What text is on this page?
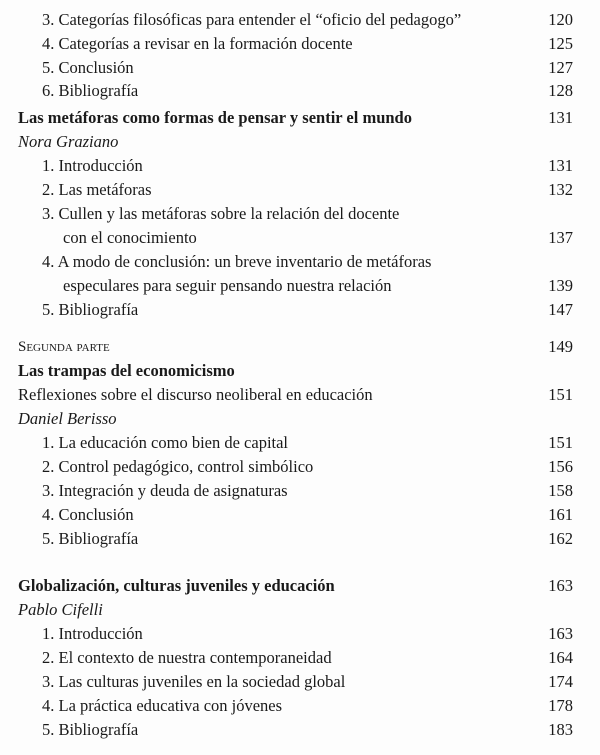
3. Categorías filosóficas para entender el “oficio del pedagogo”	120
4. Categorías a revisar en la formación docente	125
5. Conclusión	127
6. Bibliografía	128
Las metáforas como formas de pensar y sentir el mundo	131
Nora Graziano
1. Introducción	131
2. Las metáforas	132
3. Cullen y las metáforas sobre la relación del docente
con el conocimiento	137
4. A modo de conclusión: un breve inventario de metáforas
especulares para seguir pensando nuestra relación	139
5. Bibliografía	147
Segunda parte	149
Las trampas del economicismo
Reflexiones sobre el discurso neoliberal en educación	151
Daniel Berisso
1. La educación como bien de capital	151
2. Control pedagógico, control simbólico	156
3. Integración y deuda de asignaturas	158
4. Conclusión	161
5. Bibliografía	162
Globalización, culturas juveniles y educación	163
Pablo Cifelli
1. Introducción	163
2. El contexto de nuestra contemporaneidad	164
3. Las culturas juveniles en la sociedad global	174
4. La práctica educativa con jóvenes	178
5. Bibliografía	183
